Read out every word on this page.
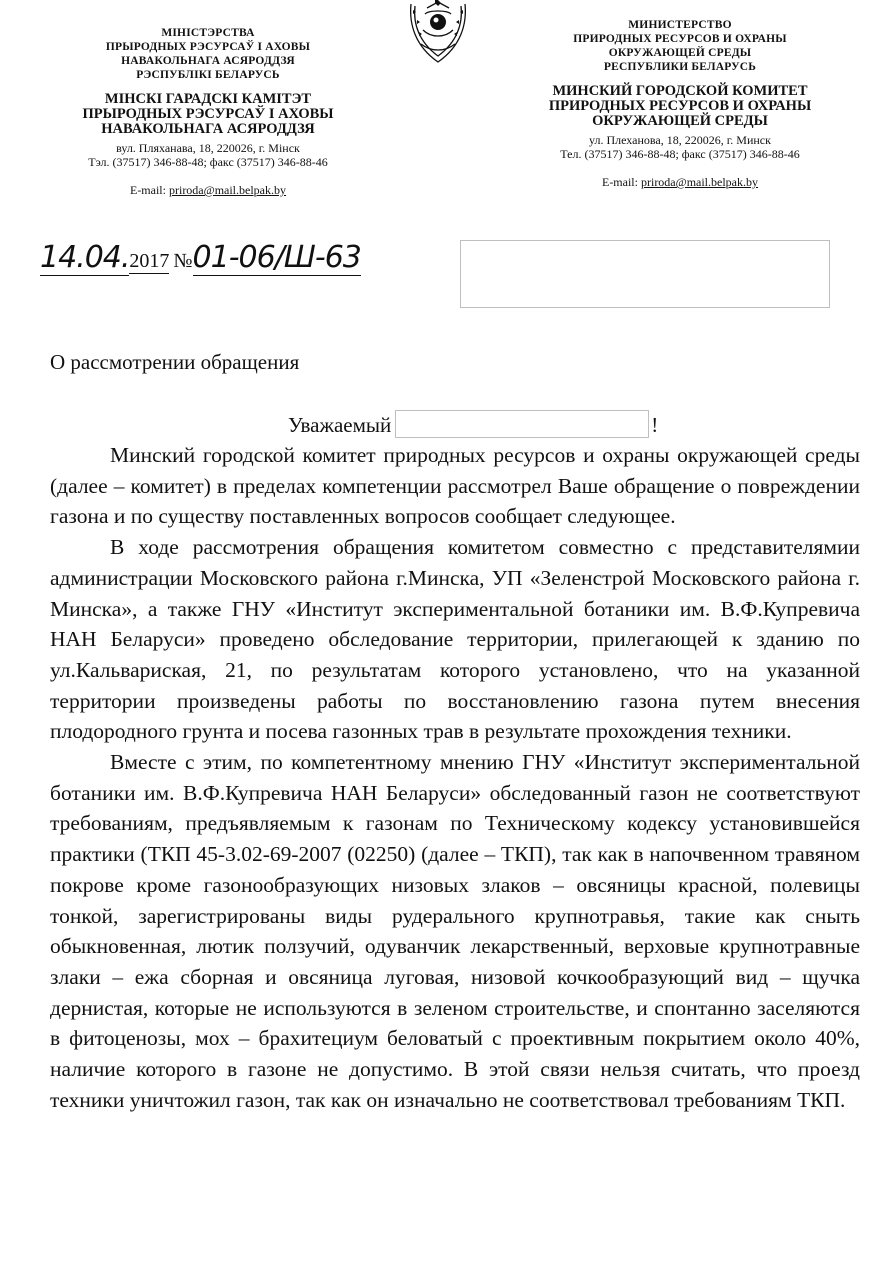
МІНІСТЭРСТВА
ПРЫРОДНЫХ РЭСУРСАЎ І АХОВЫ
НАВАКОЛЬНАГА АСЯРОДДЗЯ
РЭСПУБЛІКІ БЕЛАРУСЬ
МІНСКІ ГАРАДСКІ КАМІТЭТ
ПРЫРОДНЫХ РЭСУРСАЎ І АХОВЫ
НАВАКОЛЬНАГА АСЯРОДДЗЯ
вул. Пляханава, 18, 220026, г. Мінск
Тэл. (37517) 346-88-48; факс (37517) 346-88-46
E-mail: priroda@mail.belpak.by
МИНИСТЕРСТВО
ПРИРОДНЫХ РЕСУРСОВ И ОХРАНЫ
ОКРУЖАЮЩЕЙ СРЕДЫ
РЕСПУБЛИКИ БЕЛАРУСЬ
МИНСКИЙ ГОРОДСКОЙ КОМИТЕТ
ПРИРОДНЫХ РЕСУРСОВ И ОХРАНЫ
ОКРУЖАЮЩЕЙ СРЕДЫ
ул. Плеханова, 18, 220026, г. Минск
Тел. (37517) 346-88-48; факс (37517) 346-88-46
E-mail: priroda@mail.belpak.by
14.04.2017 №01-06/Ш-63
О рассмотрении обращения
Уважаемый	!

Минский городской комитет природных ресурсов и охраны окружающей среды (далее – комитет) в пределах компетенции рассмотрел Ваше обращение о повреждении газона и по существу поставленных вопросов сообщает следующее.

В ходе рассмотрения обращения комитетом совместно с представителямии администрации Московского района г.Минска, УП «Зеленстрой Московского района г. Минска», а также ГНУ «Институт экспериментальной ботаники им. В.Ф.Купревича НАН Беларуси» проведено обследование территории, прилегающей к зданию по ул.Кальвариская, 21, по результатам которого установлено, что на указанной территории произведены работы по восстановлению газона путем внесения плодородного грунта и посева газонных трав в результате прохождения техники.

Вместе с этим, по компетентному мнению ГНУ «Институт экспериментальной ботаники им. В.Ф.Купревича НАН Беларуси» обследованный газон не соответствуют требованиям, предъявляемым к газонам по Техническому кодексу установившейся практики (ТКП 45-3.02-69-2007 (02250) (далее – ТКП), так как в напочвенном травяном покрове кроме газонообразующих низовых злаков – овсяницы красной, полевицы тонкой, зарегистрированы виды рудерального крупнотравья, такие как сныть обыкновенная, лютик ползучий, одуванчик лекарственный, верховые крупнотравные злаки – ежа сборная и овсяница луговая, низовой кочкообразующий вид – щучка дернистая, которые не используются в зеленом строительстве, и спонтанно заселяются в фитоценозы, мох – брахитециум беловатый с проективным покрытием около 40%, наличие которого в газоне не допустимо. В этой связи нельзя считать, что проезд техники уничтожил газон, так как он изначально не соответствовал требованиям ТКП.
